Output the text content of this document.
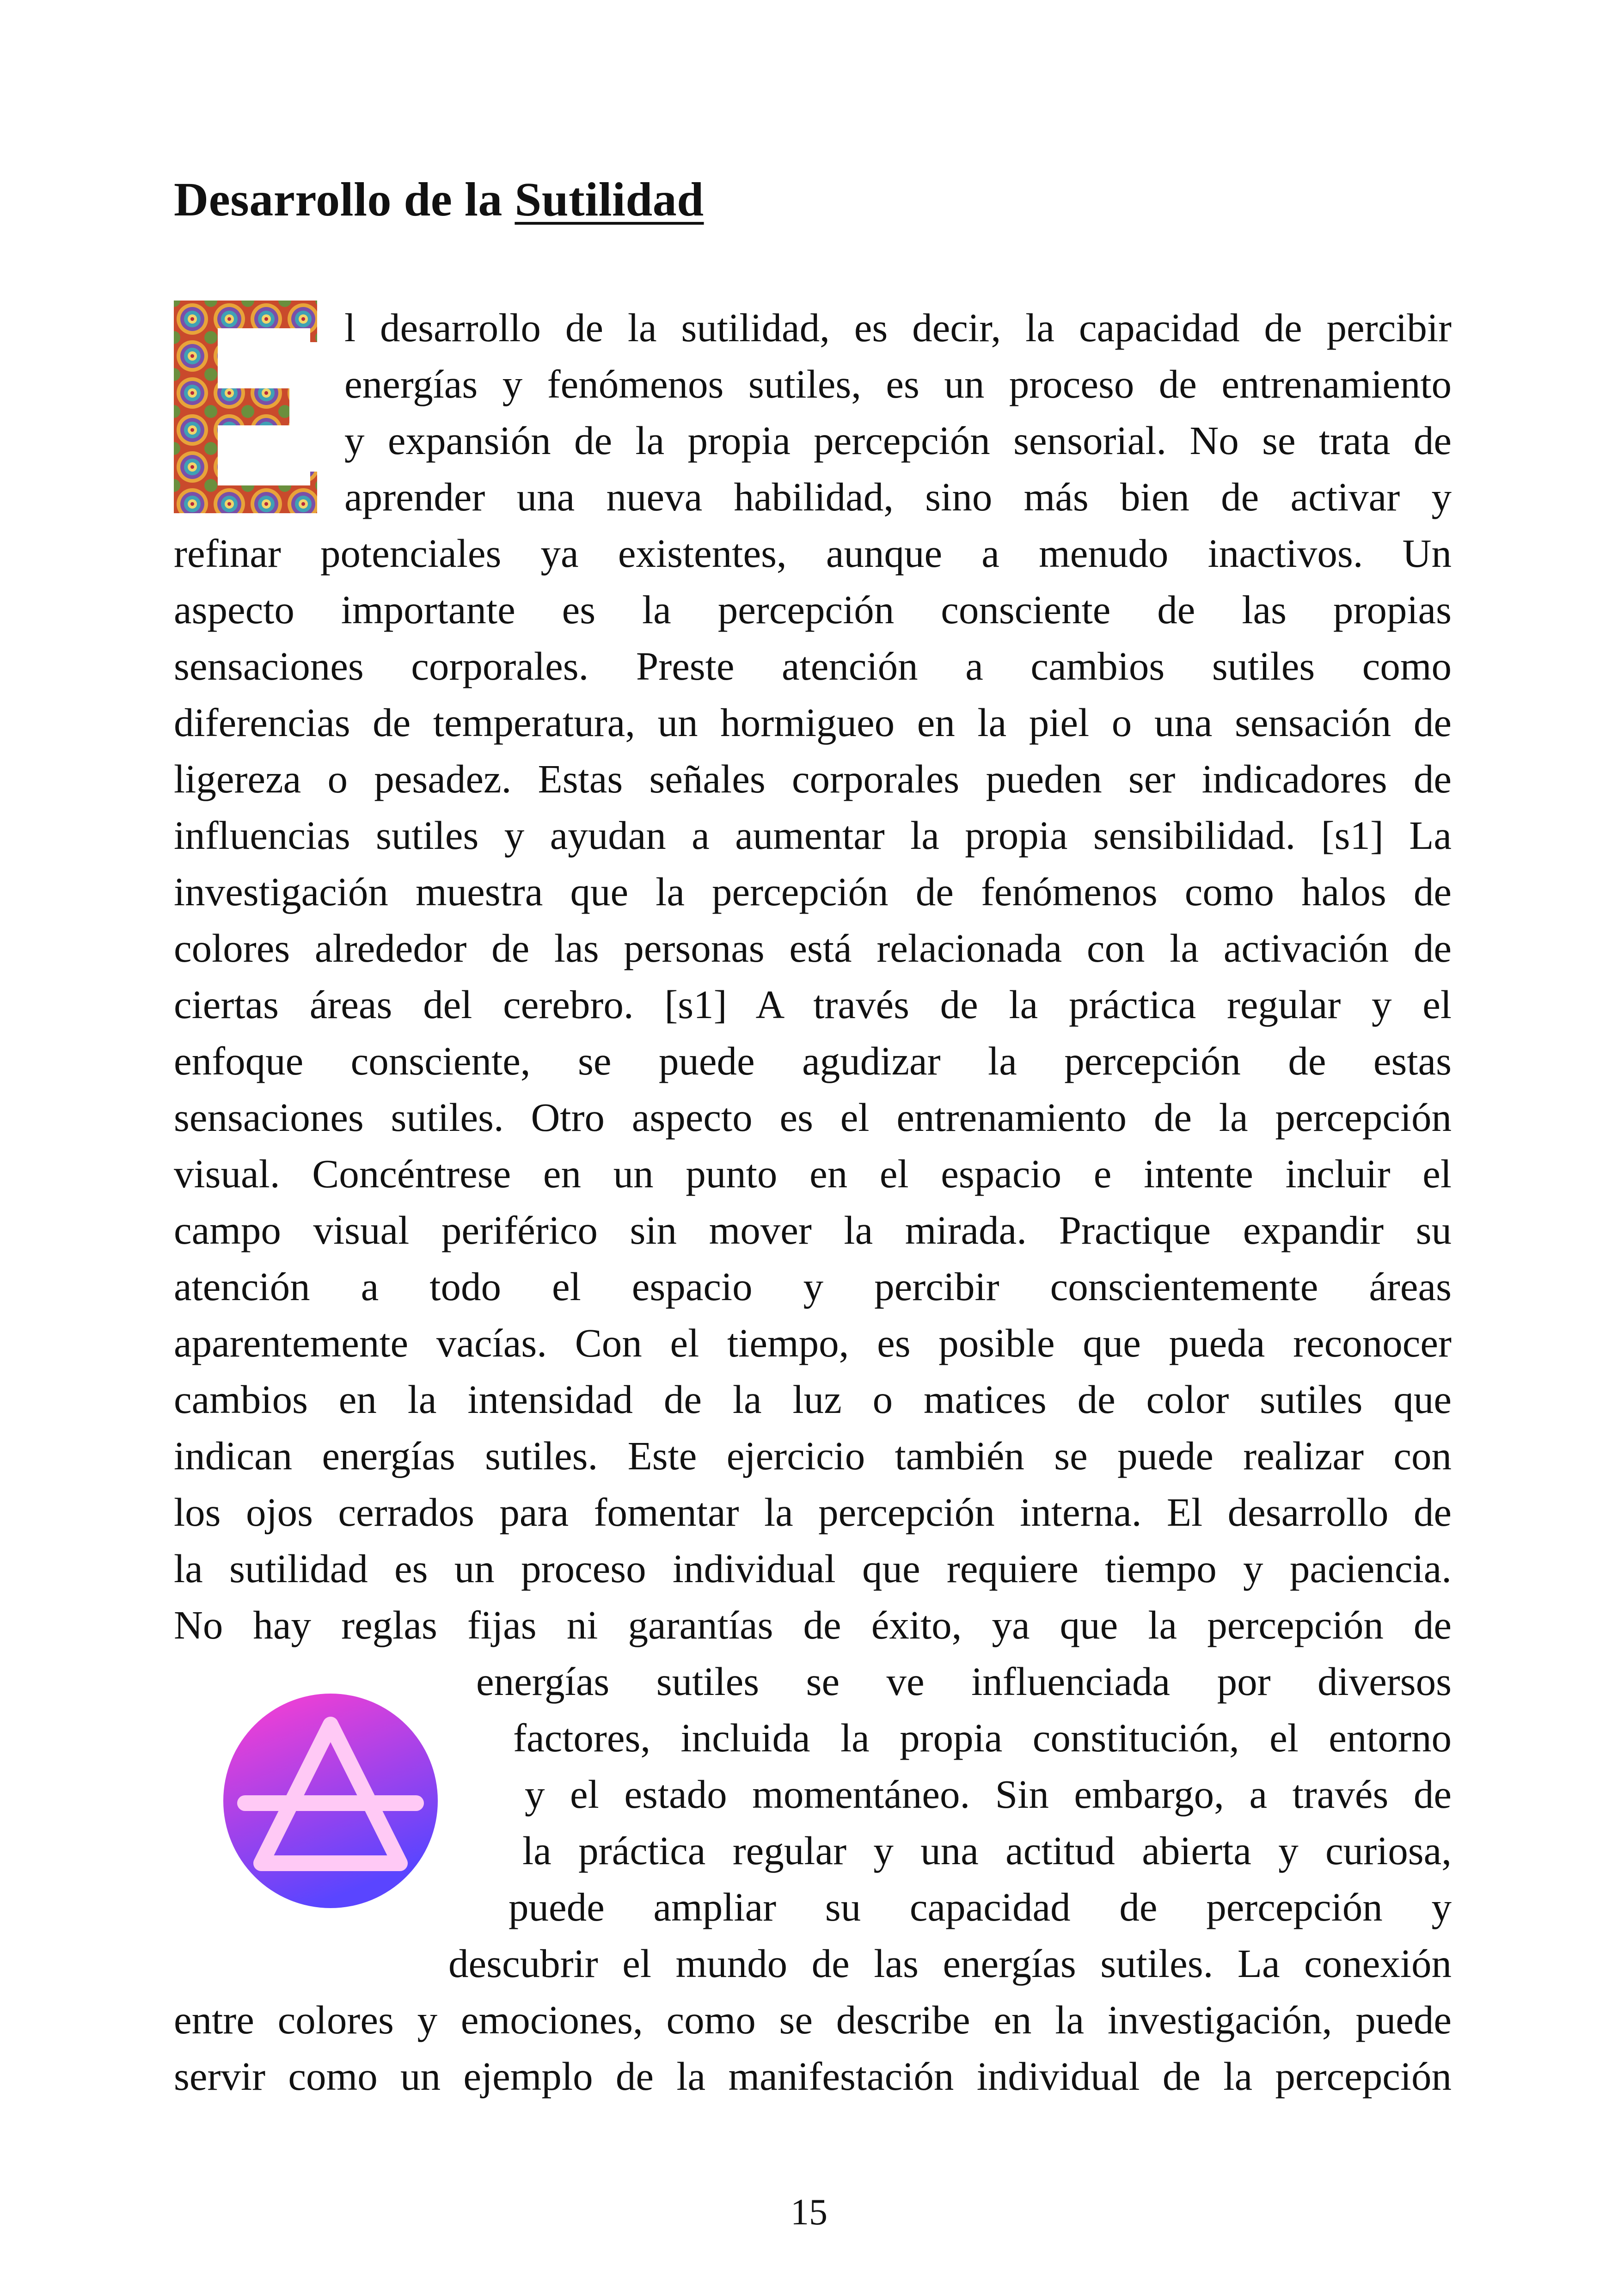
Desarrollo de la Sutilidad
l desarrollo de la sutilidad, es decir, la capacidad de percibir
energías y fenómenos sutiles, es un proceso de entrenamiento
y expansión de la propia percepción sensorial. No se trata de
aprender una nueva habilidad, sino más bien de activar y
refinar potenciales ya existentes, aunque a menudo inactivos. Un
aspecto importante es la percepción consciente de las propias
sensaciones corporales. Preste atención a cambios sutiles como
diferencias de temperatura, un hormigueo en la piel o una sensación de
ligereza o pesadez. Estas señales corporales pueden ser indicadores de
influencias sutiles y ayudan a aumentar la propia sensibilidad. [s1] La
investigación muestra que la percepción de fenómenos como halos de
colores alrededor de las personas está relacionada con la activación de
ciertas áreas del cerebro. [s1] A través de la práctica regular y el
enfoque consciente, se puede agudizar la percepción de estas
sensaciones sutiles. Otro aspecto es el entrenamiento de la percepción
visual. Concéntrese en un punto en el espacio e intente incluir el
campo visual periférico sin mover la mirada. Practique expandir su
atención a todo el espacio y percibir conscientemente áreas
aparentemente vacías. Con el tiempo, es posible que pueda reconocer
cambios en la intensidad de la luz o matices de color sutiles que
indican energías sutiles. Este ejercicio también se puede realizar con
los ojos cerrados para fomentar la percepción interna. El desarrollo de
la sutilidad es un proceso individual que requiere tiempo y paciencia.
No hay reglas fijas ni garantías de éxito, ya que la percepción de
energías sutiles se ve influenciada por diversos
factores, incluida la propia constitución, el entorno
y el estado momentáneo. Sin embargo, a través de
la práctica regular y una actitud abierta y curiosa,
puede ampliar su capacidad de percepción y
descubrir el mundo de las energías sutiles. La conexión
entre colores y emociones, como se describe en la investigación, puede
servir como un ejemplo de la manifestación individual de la percepción
15
